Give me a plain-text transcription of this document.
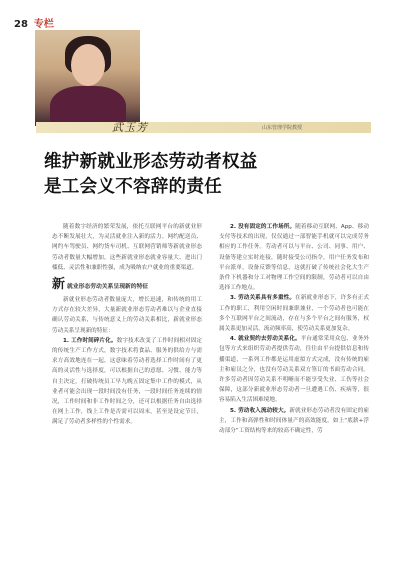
28 专栏
武玉芳	山东管理学院教授
维护新就业形态劳动者权益
是工会义不容辞的责任

随着数字经济的繁荣发展，依托互联网平台的新就业形态不断发展壮大，为灵活就业注入新的活力。网约配送员、网约车驾驶员、网约货车司机、互联网营销师等新就业形态劳动者数量大幅增加，这些新就业形态就业容量大、进出门槛低、灵活性和兼职性强，成为吸纳农户就业的重要渠道。

新 就业形态劳动关系呈现新的特征

新就业形态劳动者数量庞大，增长迅速，和传统的用工方式存在较大差异，大量新就业形态劳动者难以与企业直接确认劳动关系，与传统意义上的劳动关系相比，新就业形态劳动关系呈现新的特征：

1. 工作时间碎片化。数字技术改变了工作时间相对固定的传统生产工作方式，数字技术将食品、服务的供给方与需求方高效地连在一起，这意味着劳动者选择工作时间有了更高的灵活性与选择度，可以根据自己的意愿、习惯、能力等自主决定，打破传统员工早九晚五固定集中工作的模式，从业者可能会出现一段时间没有任务，一段时间任务连续的情况，工作时间和非工作时间之分，还可以根据任务自由选择在网上工作，线上工作是否需可以周末，甚至是设定节日，满足了劳动者多样性的个性需求。

2. 没有固定的工作场所。随着移动互联网、App、移动支付等技术的出现，仅仅通过一部智能手机就可以完成劳务相应的工作任务。劳动者可以与平台、公司、同事、用户、设备等建立实时连接，随时接受公司指令，用户任务发布和平台派单，设备反馈等信息，这就打破了传统社会化大生产条件下机器和分工对物理工作空间的限制，劳动者可以自由选择工作地点。

3. 劳动关系具有多重性。在新就业形态下，许多有正式工作的职工，利用空闲时间兼职兼业，一个劳动者也可能在多个互联网平台之间流动，存在与多个平台之间有服务，权属关系更加灵活，流动频率高，使劳动关系更加复杂。

4. 就业契约去劳动关系化。平台通常采用众包、业务外包等方式来组织劳动者提供劳动，往往由平台提供信息和传播渠道，一系列工作都是运用虚拟方式完成，没有传统的雇主和雇员之分，也没有劳动关系双方签订的书面劳动合同。许多劳动者因劳动关系不明晰而不能享受失业、工伤等社会保障，这部分新就业形态劳动者一旦遭遇工伤、疾病等，很容易陷入生活困难境地。

5. 劳动收入流动较大。新就业形态劳动者没有固定的雇主，工作和高弹性和时间体量产的高效能度，如上“底薪+浮动部分”工资结构等来的较高不确定性，劳
